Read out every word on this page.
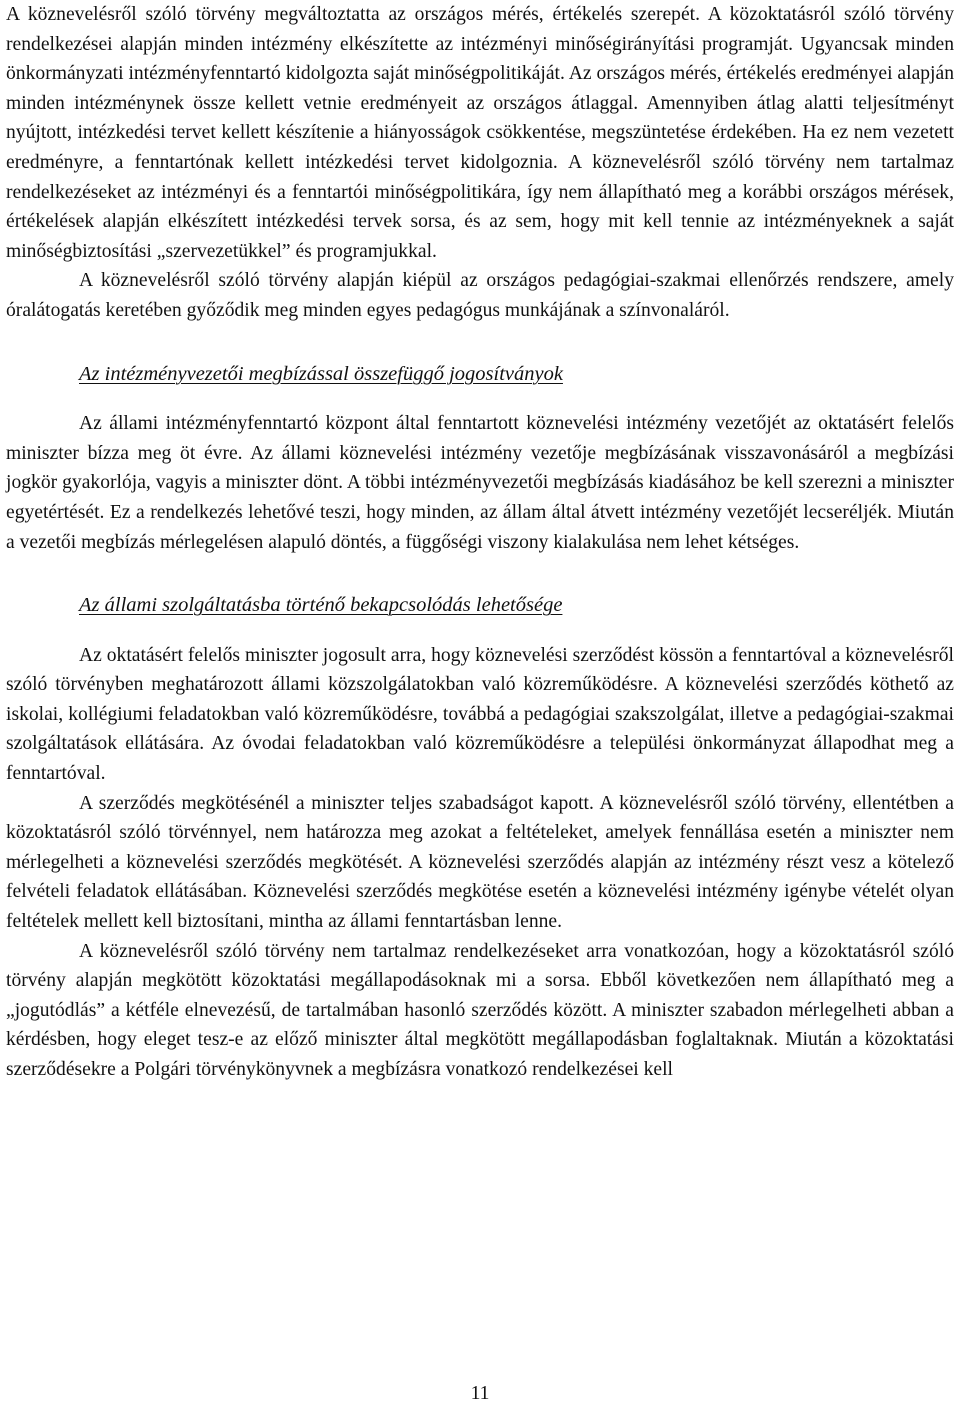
A köznevelésről szóló törvény megváltoztatta az országos mérés, értékelés szerepét. A közoktatásról szóló törvény rendelkezései alapján minden intézmény elkészítette az intézményi minőségirányítási programját. Ugyancsak minden önkormányzati intézményfenntartó kidolgozta saját minőségpolitikáját. Az országos mérés, értékelés eredményei alapján minden intézménynek össze kellett vetnie eredményeit az országos átlaggal. Amennyiben átlag alatti teljesítményt nyújtott, intézkedési tervet kellett készítenie a hiányosságok csökkentése, megszüntetése érdekében. Ha ez nem vezetett eredményre, a fenntartónak kellett intézkedési tervet kidolgoznia. A köznevelésről szóló törvény nem tartalmaz rendelkezéseket az intézményi és a fenntartói minőségpolitikára, így nem állapítható meg a korábbi országos mérések, értékelések alapján elkészített intézkedési tervek sorsa, és az sem, hogy mit kell tennie az intézményeknek a saját minőségbiztosítási „szervezetükkel” és programjukkal.

A köznevelésről szóló törvény alapján kiépül az országos pedagógiai-szakmai ellenőrzés rendszere, amely óralátogatás keretében győződik meg minden egyes pedagógus munkájának a színvonaláról.

Az intézményvezetői megbízással összefüggő jogosítványok

Az állami intézményfenntartó központ által fenntartott köznevelési intézmény vezetőjét az oktatásért felelős miniszter bízza meg öt évre. Az állami köznevelési intézmény vezetője megbízásának visszavonásáról a megbízási jogkör gyakorlója, vagyis a miniszter dönt. A többi intézményvezetői megbízásás kiadásához be kell szerezni a miniszter egyetértését. Ez a rendelkezés lehetővé teszi, hogy minden, az állam által átvett intézmény vezetőjét lecseréljék. Miután a vezetői megbízás mérlegelésen alapuló döntés, a függőségi viszony kialakulása nem lehet kétséges.

Az állami szolgáltatásba történő bekapcsolódás lehetősége

Az oktatásért felelős miniszter jogosult arra, hogy köznevelési szerződést kössön a fenntartóval a köznevelésről szóló törvényben meghatározott állami közszolgálatokban való közreműködésre. A köznevelési szerződés köthető az iskolai, kollégiumi feladatokban való közreműködésre, továbbá a pedagógiai szakszolgálat, illetve a pedagógiai-szakmai szolgáltatások ellátására. Az óvodai feladatokban való közreműködésre a települési önkormányzat állapodhat meg a fenntartóval.

A szerződés megkötésénél a miniszter teljes szabadságot kapott. A köznevelésről szóló törvény, ellentétben a közoktatásról szóló törvénnyel, nem határozza meg azokat a feltételeket, amelyek fennállása esetén a miniszter nem mérlegelheti a köznevelési szerződés megkötését. A köznevelési szerződés alapján az intézmény részt vesz a kötelező felvételi feladatok ellátásában. Köznevelési szerződés megkötése esetén a köznevelési intézmény igénybe vételét olyan feltételek mellett kell biztosítani, mintha az állami fenntartásban lenne.

A köznevelésről szóló törvény nem tartalmaz rendelkezéseket arra vonatkozóan, hogy a közoktatásról szóló törvény alapján megkötött közoktatási megállapodásoknak mi a sorsa. Ebből következően nem állapítható meg a „jogutódlás” a kétféle elnevezésű, de tartalmában hasonló szerződés között. A miniszter szabadon mérlegelheti abban a kérdésben, hogy eleget tesz-e az előző miniszter által megkötött megállapodásban foglaltaknak. Miután a közoktatási szerződésekre a Polgári törvénykönyvnek a megbízásra vonatkozó rendelkezései kell

11
